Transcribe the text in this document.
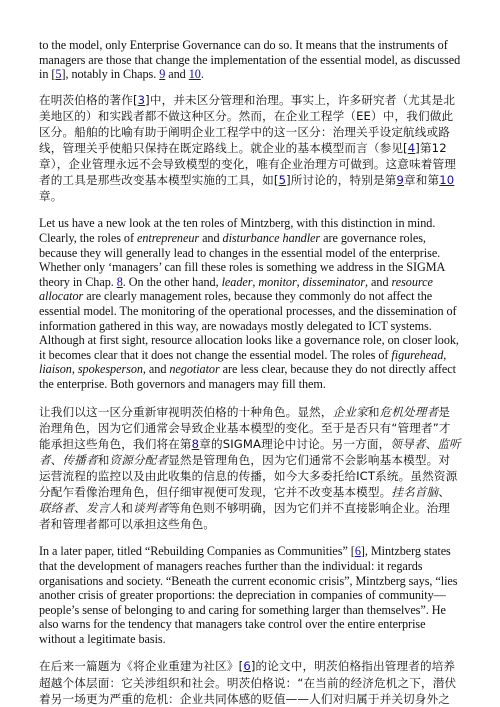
to the model, only Enterprise Governance can do so. It means that the instruments of managers are those that change the implementation of the essential model, as discussed in [5], notably in Chaps. 9 and 10.

在明茨伯格的著作[3]中，并未区分管理和治理。事实上，许多研究者（尤其是北美地区的）和实践者都不做这种区分。然而，在企业工程学（EE）中，我们做此区分。船舶的比喻有助于阐明企业工程学中的这一区分：治理关乎设定航线或路线，管理关乎使船只保持在既定路线上。就企业的基本模型而言（参见[4]第12章），企业管理永远不会导致模型的变化，唯有企业治理方可做到。这意味着管理者的工具是那些改变基本模型实施的工具，如[5]所讨论的，特别是第9章和第10章。

Let us have a new look at the ten roles of Mintzberg, with this distinction in mind. Clearly, the roles of entrepreneur and disturbance handler are governance roles, because they will generally lead to changes in the essential model of the enterprise. Whether only ‘managers’ can fill these roles is something we address in the SIGMA theory in Chap. 8. On the other hand, leader, monitor, disseminator, and resource allocator are clearly management roles, because they commonly do not affect the essential model. The monitoring of the operational processes, and the dissemination of information gathered in this way, are nowadays mostly delegated to ICT systems. Although at first sight, resource allocation looks like a governance role, on closer look, it becomes clear that it does not change the essential model. The roles of figurehead, liaison, spokesperson, and negotiator are less clear, because they do not directly affect the enterprise. Both governors and managers may fill them.

让我们以这一区分重新审视明茨伯格的十种角色。显然，企业家和危机处理者是治理角色，因为它们通常会导致企业基本模型的变化。至于是否只有“管理者”才能承担这些角色，我们将在第8章的SIGMA理论中讨论。另一方面，领导者、监听者、传播者和资源分配者显然是管理角色，因为它们通常不会影响基本模型。对运营流程的监控以及由此收集的信息的传播，如今大多委托给ICT系统。虽然资源分配乍看像治理角色，但仔细审视便可发现，它并不改变基本模型。挂名首脑、联络者、发言人和谈判者等角色则不够明确，因为它们并不直接影响企业。治理者和管理者都可以承担这些角色。

In a later paper, titled “Rebuilding Companies as Communities” [6], Mintzberg states that the development of managers reaches further than the individual: it regards organisations and society. “Beneath the current economic crisis”, Mintzberg says, “lies another crisis of greater proportions: the depreciation in companies of community—people’s sense of belonging to and caring for something larger than themselves”. He also warns for the tendency that managers take control over the entire enterprise without a legitimate basis.

在后来一篇题为《将企业重建为社区》[6]的论文中，明茨伯格指出管理者的培养超越个体层面：它关涉组织和社会。明茨伯格说：“在当前的经济危机之下，潜伏着另一场更为严重的危机：企业共同体感的贬值——人们对归属于并关切身外之
